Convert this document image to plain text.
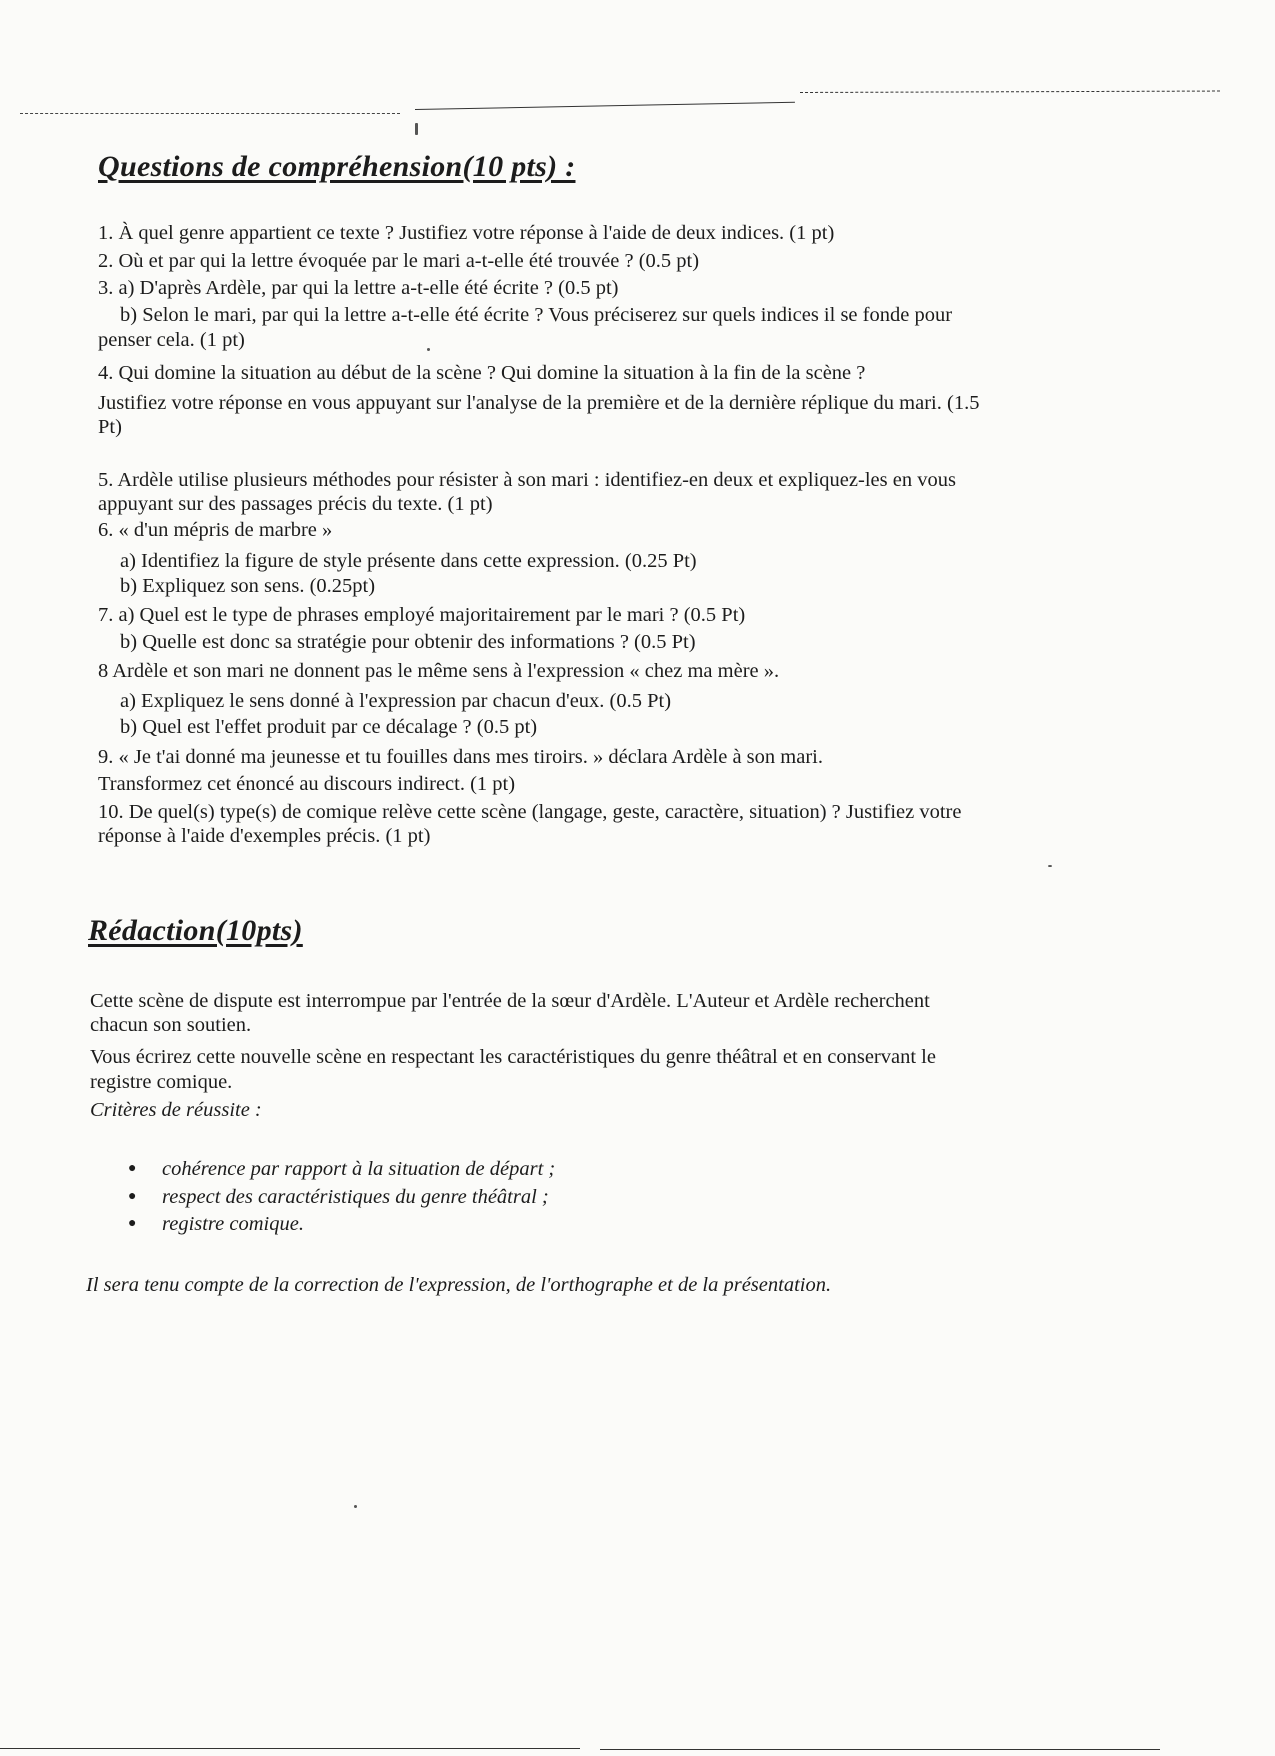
Questions de compréhension(10 pts) :

1. À quel genre appartient ce texte ? Justifiez votre réponse à l'aide de deux indices. (1 pt)

2. Où et par qui la lettre évoquée par le mari a-t-elle été trouvée ? (0.5 pt)

3. a) D'après Ardèle, par qui la lettre a-t-elle été écrite ? (0.5 pt)

b) Selon le mari, par qui la lettre a-t-elle été écrite ? Vous préciserez sur quels indices il se fonde pour

penser cela. (1 pt)

4. Qui domine la situation au début de la scène ? Qui domine la situation à la fin de la scène ?

Justifiez votre réponse en vous appuyant sur l'analyse de la première et de la dernière réplique du mari. (1.5

Pt)

5. Ardèle utilise plusieurs méthodes pour résister à son mari : identifiez-en deux et expliquez-les en vous

appuyant sur des passages précis du texte. (1 pt)

6. « d'un mépris de marbre »

a) Identifiez la figure de style présente dans cette expression. (0.25 Pt)

b) Expliquez son sens. (0.25pt)

7. a) Quel est le type de phrases employé majoritairement par le mari ? (0.5 Pt)

b) Quelle est donc sa stratégie pour obtenir des informations ? (0.5 Pt)

8 Ardèle et son mari ne donnent pas le même sens à l'expression « chez ma mère ».

a) Expliquez le sens donné à l'expression par chacun d'eux. (0.5 Pt)

b) Quel est l'effet produit par ce décalage ? (0.5 pt)

9. « Je t'ai donné ma jeunesse et tu fouilles dans mes tiroirs. » déclara Ardèle à son mari.

Transformez cet énoncé au discours indirect. (1 pt)

10. De quel(s) type(s) de comique relève cette scène (langage, geste, caractère, situation) ? Justifiez votre

réponse à l'aide d'exemples précis. (1 pt)

Rédaction(10pts)

Cette scène de dispute est interrompue par l'entrée de la sœur d'Ardèle. L'Auteur et Ardèle recherchent

chacun son soutien.

Vous écrirez cette nouvelle scène en respectant les caractéristiques du genre théâtral et en conservant le

registre comique.

Critères de réussite :

● cohérence par rapport à la situation de départ ;

● respect des caractéristiques du genre théâtral ;

● registre comique.

Il sera tenu compte de la correction de l'expression, de l'orthographe et de la présentation.
